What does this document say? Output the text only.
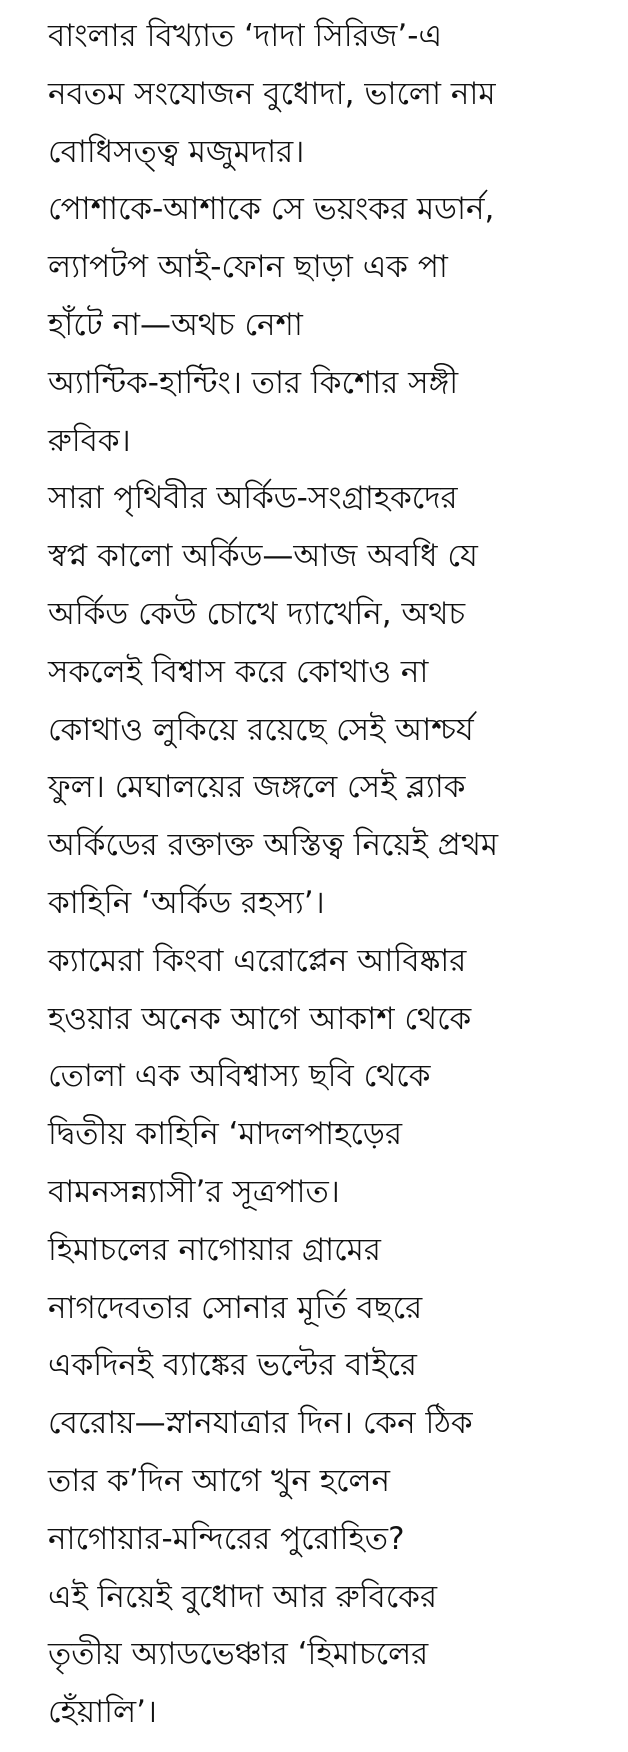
বাংলার বিখ্যাত ‘দাদা সিরিজ’-এ
নবতম সংযোজন বুধোদা, ভালো নাম
বোধিসত্ত্ব মজুমদার।
পোশাকে-আশাকে সে ভয়ংকর মডার্ন,
ল্যাপটপ আই-ফোন ছাড়া এক পা
হাঁটে না—অথচ নেশা
অ্যান্টিক-হান্টিং। তার কিশোর সঙ্গী
রুবিক।
সারা পৃথিবীর অর্কিড-সংগ্রাহকদের
স্বপ্ন কালো অর্কিড—আজ অবধি যে
অর্কিড কেউ চোখে দ্যাখেনি, অথচ
সকলেই বিশ্বাস করে কোথাও না
কোথাও লুকিয়ে রয়েছে সেই আশ্চর্য
ফুল। মেঘালয়ের জঙ্গলে সেই ব্ল্যাক
অর্কিডের রক্তাক্ত অস্তিত্ব নিয়েই প্রথম
কাহিনি ‘অর্কিড রহস্য’।
ক্যামেরা কিংবা এরোপ্লেন আবিষ্কার
হওয়ার অনেক আগে আকাশ থেকে
তোলা এক অবিশ্বাস্য ছবি থেকে
দ্বিতীয় কাহিনি ‘মাদলপাহড়ের
বামনসন্ন্যাসী’র সূত্রপাত।
হিমাচলের নাগোয়ার গ্রামের
নাগদেবতার সোনার মূর্তি বছরে
একদিনই ব্যাঙ্কের ভল্টের বাইরে
বেরোয়—স্নানযাত্রার দিন। কেন ঠিক
তার ক’দিন আগে খুন হলেন
নাগোয়ার-মন্দিরের পুরোহিত?
এই নিয়েই বুধোদা আর রুবিকের
তৃতীয় অ্যাডভেঞ্চার ‘হিমাচলের
হেঁয়ালি’।
